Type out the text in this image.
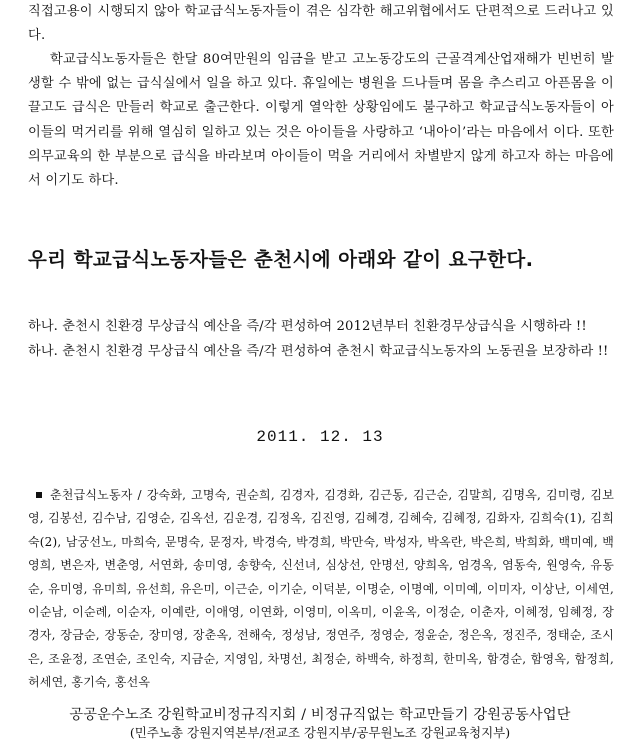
직접고용이 시행되지 않아 학교급식노동자들이 겪은 심각한 해고위협에서도 단편적으로 드러나고 있다.

학교급식노동자들은 한달 80여만원의 임금을 받고 고노동강도의 근골격계산업재해가 빈번히 발생할 수 밖에 없는 급식실에서 일을 하고 있다. 휴일에는 병원을 드나들며 몸을 추스리고 아픈몸을 이끌고도 급식은 만들러 학교로 출근한다. 이렇게 열악한 상황임에도 불구하고 학교급식노동자들이 아이들의 먹거리를 위해 열심히 일하고 있는 것은 아이들을 사랑하고 ‘내아이’라는 마음에서 이다. 또한 의무교육의 한 부분으로 급식을 바라보며 아이들이 먹을 거리에서 차별받지 않게 하고자 하는 마음에서 이기도 하다.

우리 학교급식노동자들은 춘천시에 아래와 같이 요구한다.

하나. 춘천시 친환경 무상급식 예산을 즉/각 편성하여 2012년부터 친환경무상급식을 시행하라 !!

하나. 춘천시 친환경 무상급식 예산을 즉/각 편성하여 춘천시 학교급식노동자의 노동권을 보장하라 !!

2011. 12. 13

춘천급식노동자 / 강숙화, 고명숙, 권순희, 김경자, 김경화, 김근동, 김근순, 김말희, 김명옥, 김미령, 김보영, 김봉선, 김수남, 김영순, 김옥선, 김운경, 김정옥, 김진영, 김혜경, 김혜숙, 김혜정, 김화자, 김희숙(1), 김희숙(2), 남궁선노, 마희숙, 문명숙, 문정자, 박경숙, 박경희, 박만숙, 박성자, 박옥란, 박은희, 박희화, 백미예, 백영희, 변은자, 변춘영, 서연화, 송미영, 송향숙, 신선녀, 심상선, 안명선, 양희옥, 엄경옥, 염동숙, 원영숙, 유동순, 유미영, 유미희, 유선희, 유은미, 이근순, 이기순, 이덕분, 이명순, 이명예, 이미예, 이미자, 이상난, 이세연, 이순남, 이순례, 이순자, 이예란, 이애영, 이연화, 이영미, 이옥미, 이윤옥, 이정순, 이춘자, 이혜정, 임혜정, 장경자, 장금순, 장동순, 장미영, 장춘옥, 전해숙, 정성남, 정연주, 정영순, 정윤순, 정은옥, 정진주, 정태순, 조시은, 조윤정, 조연순, 조인숙, 지금순, 지영임, 차명선, 최정순, 하백숙, 하정희, 한미옥, 함경순, 함영옥, 함정희, 허세연, 홍기숙, 홍선옥

공공운수노조 강원학교비정규직지회 / 비정규직없는 학교만들기 강원공동사업단
(민주노총 강원지역본부/전교조 강원지부/공무원노조 강원교육청지부)
